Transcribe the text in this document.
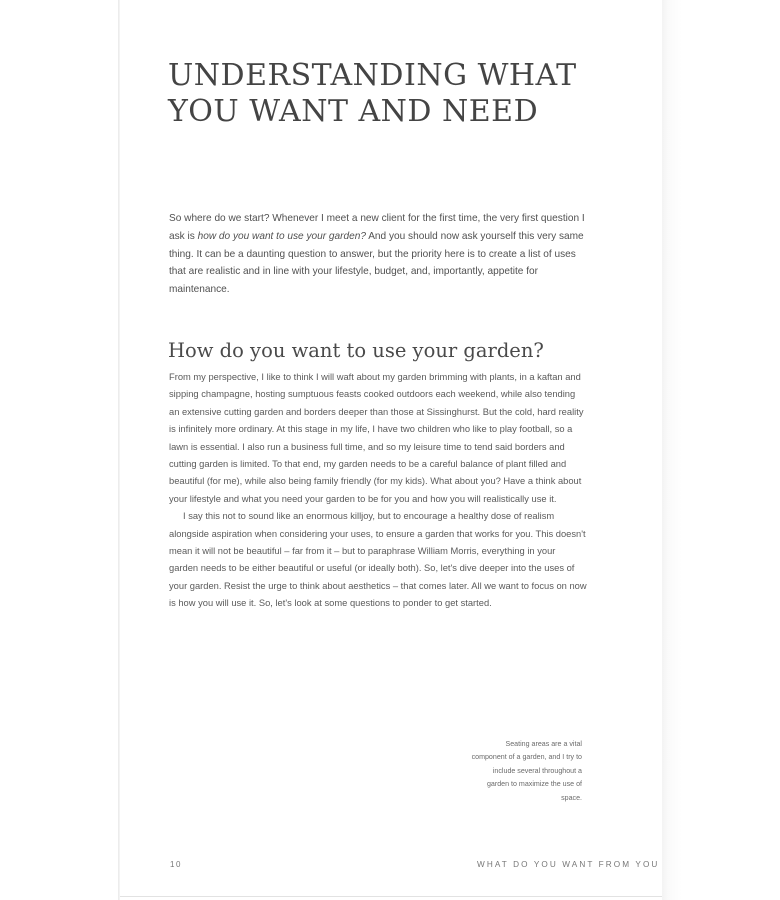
UNDERSTANDING WHAT YOU WANT AND NEED

So where do we start? Whenever I meet a new client for the first time, the very first question I ask is how do you want to use your garden? And you should now ask yourself this very same thing. It can be a daunting question to answer, but the priority here is to create a list of uses that are realistic and in line with your lifestyle, budget, and, importantly, appetite for maintenance.

How do you want to use your garden?

From my perspective, I like to think I will waft about my garden brimming with plants, in a kaftan and sipping champagne, hosting sumptuous feasts cooked outdoors each weekend, while also tending an extensive cutting garden and borders deeper than those at Sissinghurst. But the cold, hard reality is infinitely more ordinary. At this stage in my life, I have two children who like to play football, so a lawn is essential. I also run a business full time, and so my leisure time to tend said borders and cutting garden is limited. To that end, my garden needs to be a careful balance of plant filled and beautiful (for me), while also being family friendly (for my kids). What about you? Have a think about your lifestyle and what you need your garden to be for you and how you will realistically use it.

I say this not to sound like an enormous killjoy, but to encourage a healthy dose of realism alongside aspiration when considering your uses, to ensure a garden that works for you. This doesn't mean it will not be beautiful – far from it – but to paraphrase William Morris, everything in your garden needs to be either beautiful or useful (or ideally both). So, let's dive deeper into the uses of your garden. Resist the urge to think about aesthetics – that comes later. All we want to focus on now is how you will use it. So, let's look at some questions to ponder to get started.

Seating areas are a vital component of a garden, and I try to include several throughout a garden to maximize the use of space.

10	WHAT DO YOU WANT FROM YOU
